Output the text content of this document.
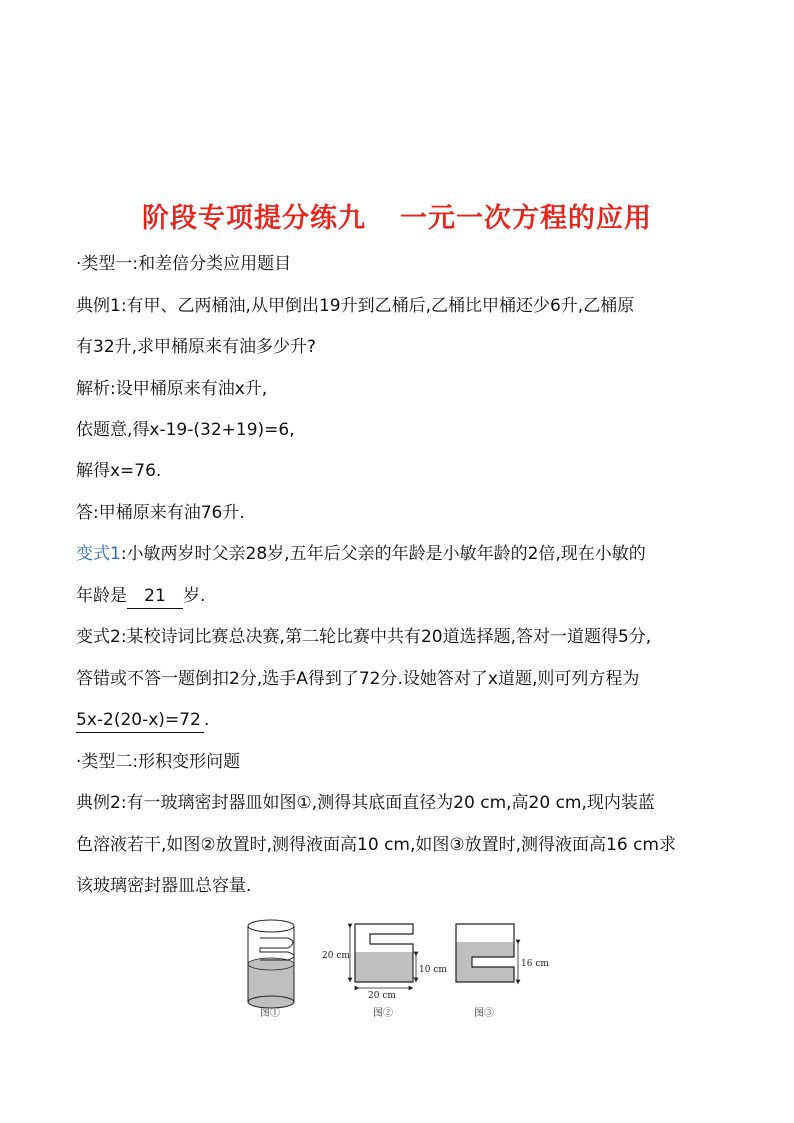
阶段专项提分练九 一元一次方程的应用
·类型一:和差倍分类应用题目
典例1:有甲、乙两桶油,从甲倒出19升到乙桶后,乙桶比甲桶还少6升,乙桶原
有32升,求甲桶原来有油多少升?
解析:设甲桶原来有油x升,
依题意,得x-19-(32+19)=6,
解得x=76.
答:甲桶原来有油76升.
变式1:小敏两岁时父亲28岁,五年后父亲的年龄是小敏年龄的2倍,现在小敏的
年龄是 21 岁.
变式2:某校诗词比赛总决赛,第二轮比赛中共有20道选择题,答对一道题得5分,
答错或不答一题倒扣2分,选手A得到了72分.设她答对了x道题,则可列方程为
5x-2(20-x)=72 .
·类型二:形积变形问题
典例2:有一玻璃密封器皿如图①,测得其底面直径为20 cm,高20 cm,现内装蓝
色溶液若干,如图②放置时,测得液面高10 cm,如图③放置时,测得液面高16 cm求
该玻璃密封器皿总容量.
图①
20 cm
20 cm
10 cm
图②
16 cm
图③
